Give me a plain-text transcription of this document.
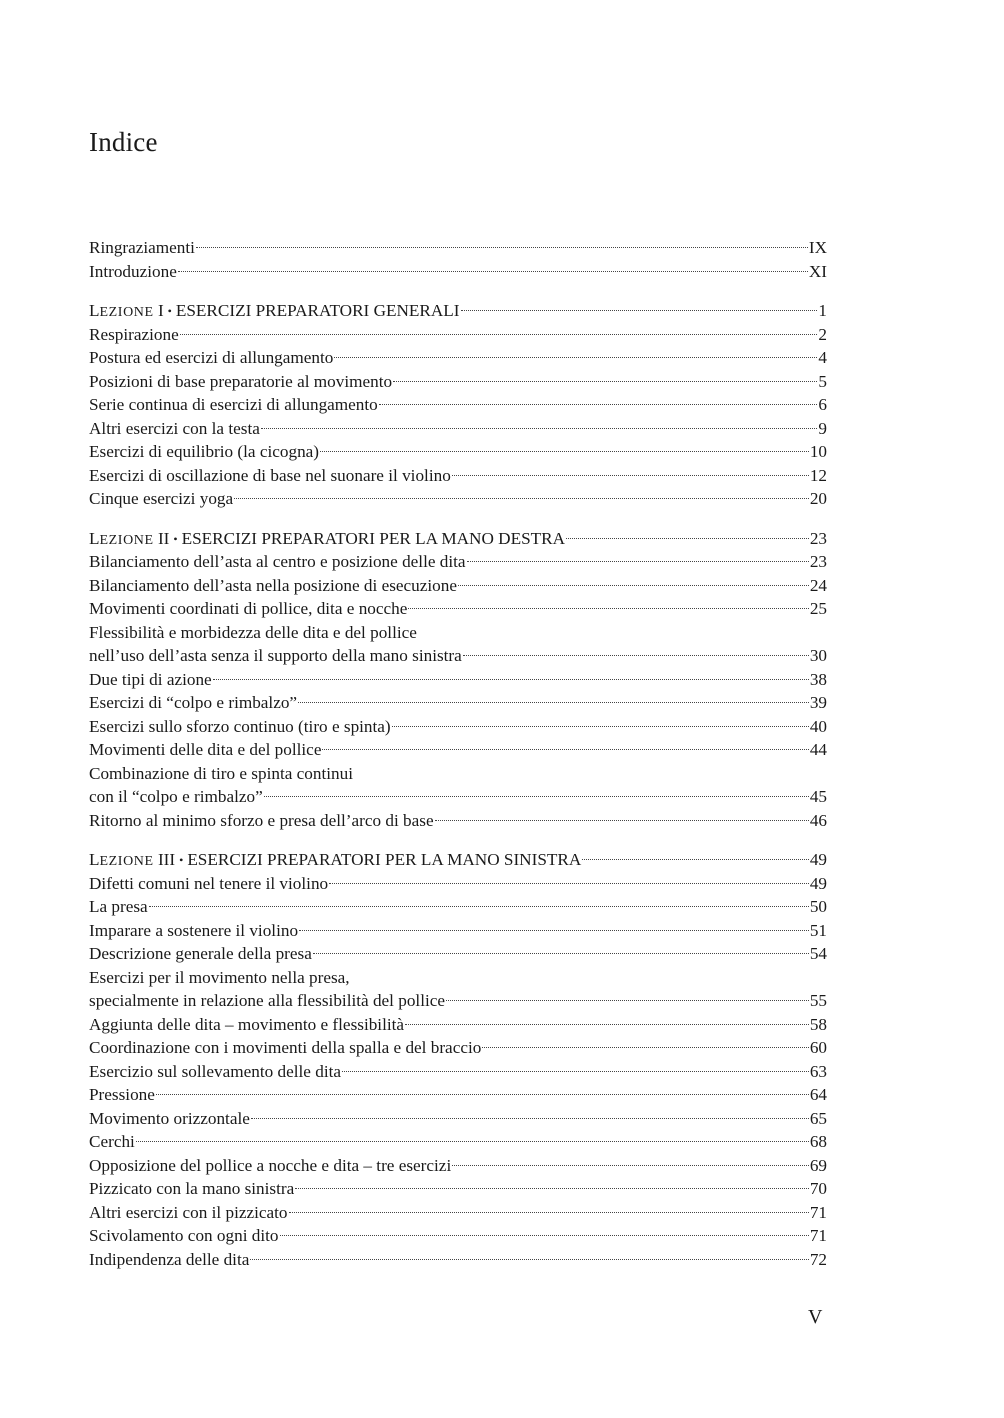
Indice
Ringraziamenti	IX
Introduzione	XI
LEZIONE I • ESERCIZI PREPARATORI GENERALI	1
Respirazione	2
Postura ed esercizi di allungamento	4
Posizioni di base preparatorie al movimento	5
Serie continua di esercizi di allungamento	6
Altri esercizi con la testa	9
Esercizi di equilibrio (la cicogna)	10
Esercizi di oscillazione di base nel suonare il violino	12
Cinque esercizi yoga	20
LEZIONE II • ESERCIZI PREPARATORI PER LA MANO DESTRA	23
Bilanciamento dell’asta al centro e posizione delle dita	23
Bilanciamento dell’asta nella posizione di esecuzione	24
Movimenti coordinati di pollice, dita e nocche	25
Flessibilità e morbidezza delle dita e del pollice
nell’uso dell’asta senza il supporto della mano sinistra	30
Due tipi di azione	38
Esercizi di “colpo e rimbalzo”	39
Esercizi sullo sforzo continuo (tiro e spinta)	40
Movimenti delle dita e del pollice	44
Combinazione di tiro e spinta continui
con il “colpo e rimbalzo”	45
Ritorno al minimo sforzo e presa dell’arco di base	46
LEZIONE III • ESERCIZI PREPARATORI PER LA MANO SINISTRA	49
Difetti comuni nel tenere il violino	49
La presa	50
Imparare a sostenere il violino	51
Descrizione generale della presa	54
Esercizi per il movimento nella presa,
specialmente in relazione alla flessibilità del pollice	55
Aggiunta delle dita – movimento e flessibilità	58
Coordinazione con i movimenti della spalla e del braccio	60
Esercizio sul sollevamento delle dita	63
Pressione	64
Movimento orizzontale	65
Cerchi	68
Opposizione del pollice a nocche e dita – tre esercizi	69
Pizzicato con la mano sinistra	70
Altri esercizi con il pizzicato	71
Scivolamento con ogni dito	71
Indipendenza delle dita	72
V
